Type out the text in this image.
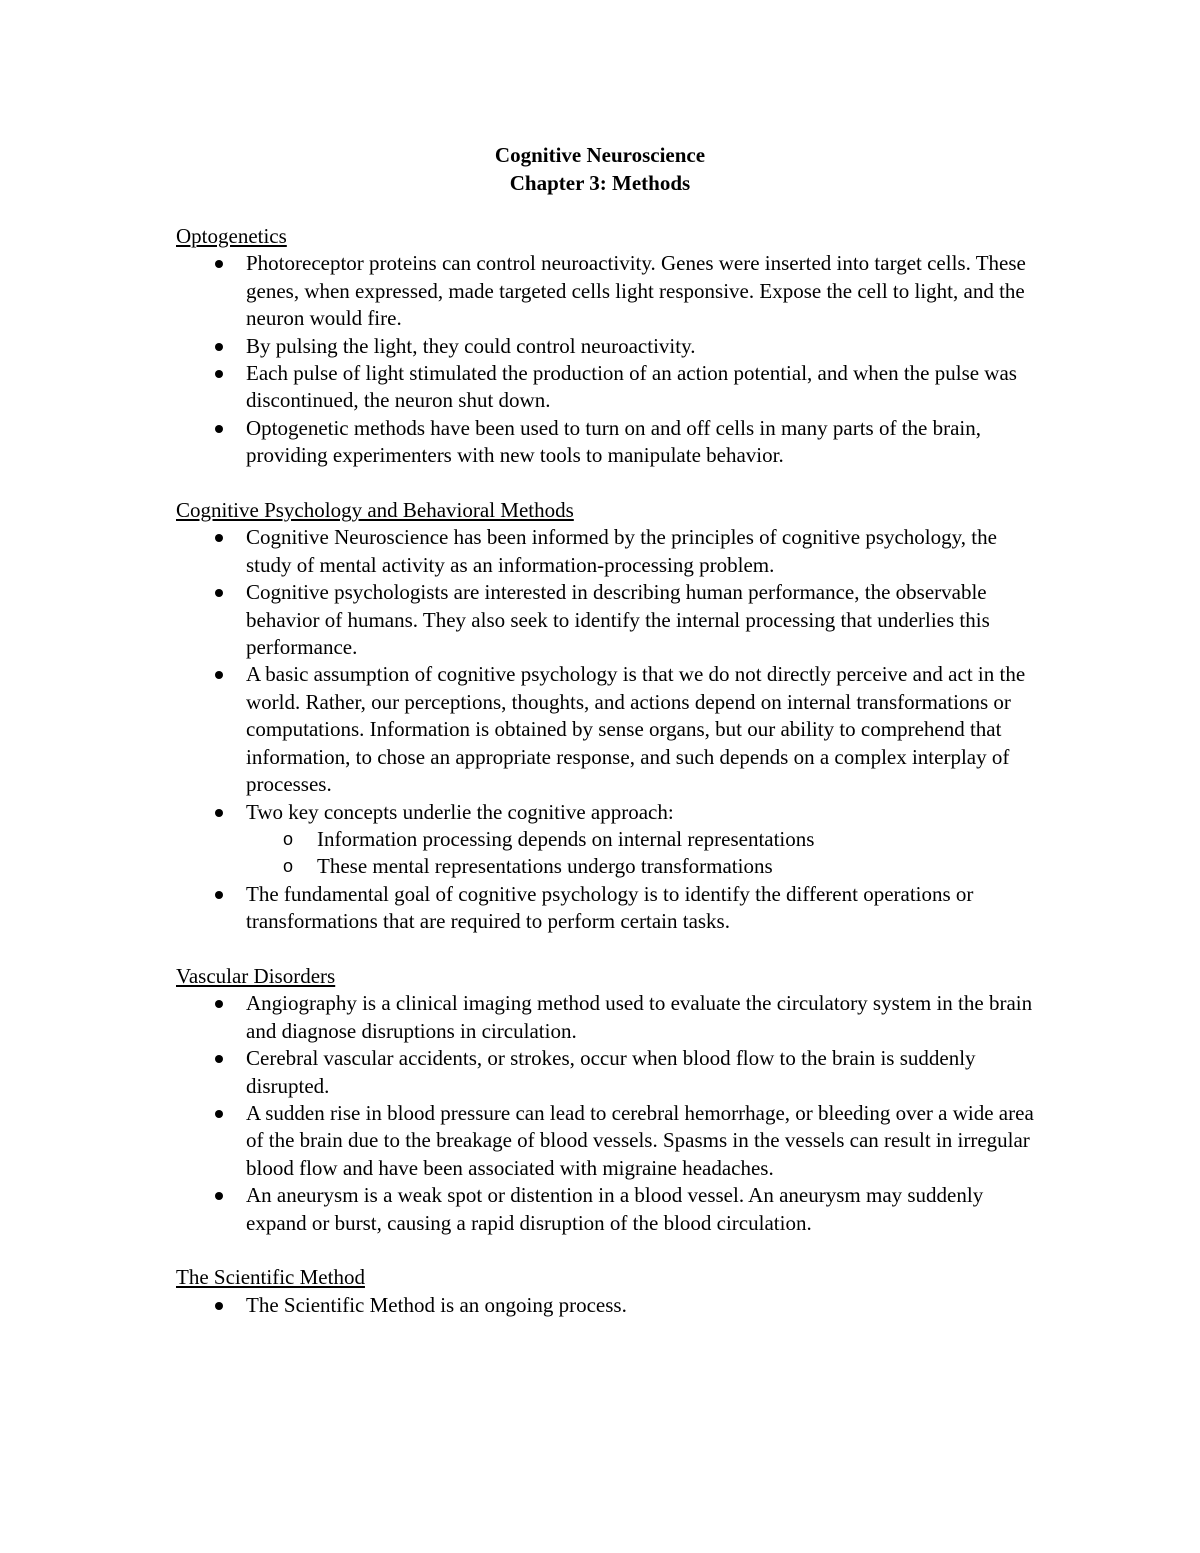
Cognitive Neuroscience
Chapter 3: Methods
Optogenetics
Photoreceptor proteins can control neuroactivity. Genes were inserted into target cells. These genes, when expressed, made targeted cells light responsive. Expose the cell to light, and the neuron would fire.
By pulsing the light, they could control neuroactivity.
Each pulse of light stimulated the production of an action potential, and when the pulse was discontinued, the neuron shut down.
Optogenetic methods have been used to turn on and off cells in many parts of the brain, providing experimenters with new tools to manipulate behavior.
Cognitive Psychology and Behavioral Methods
Cognitive Neuroscience has been informed by the principles of cognitive psychology, the study of mental activity as an information-processing problem.
Cognitive psychologists are interested in describing human performance, the observable behavior of humans. They also seek to identify the internal processing that underlies this performance.
A basic assumption of cognitive psychology is that we do not directly perceive and act in the world. Rather, our perceptions, thoughts, and actions depend on internal transformations or computations. Information is obtained by sense organs, but our ability to comprehend that information, to chose an appropriate response, and such depends on a complex interplay of processes.
Two key concepts underlie the cognitive approach:
o Information processing depends on internal representations
o These mental representations undergo transformations
The fundamental goal of cognitive psychology is to identify the different operations or transformations that are required to perform certain tasks.
Vascular Disorders
Angiography is a clinical imaging method used to evaluate the circulatory system in the brain and diagnose disruptions in circulation.
Cerebral vascular accidents, or strokes, occur when blood flow to the brain is suddenly disrupted.
A sudden rise in blood pressure can lead to cerebral hemorrhage, or bleeding over a wide area of the brain due to the breakage of blood vessels. Spasms in the vessels can result in irregular blood flow and have been associated with migraine headaches.
An aneurysm is a weak spot or distention in a blood vessel. An aneurysm may suddenly expand or burst, causing a rapid disruption of the blood circulation.
The Scientific Method
The Scientific Method is an ongoing process.
